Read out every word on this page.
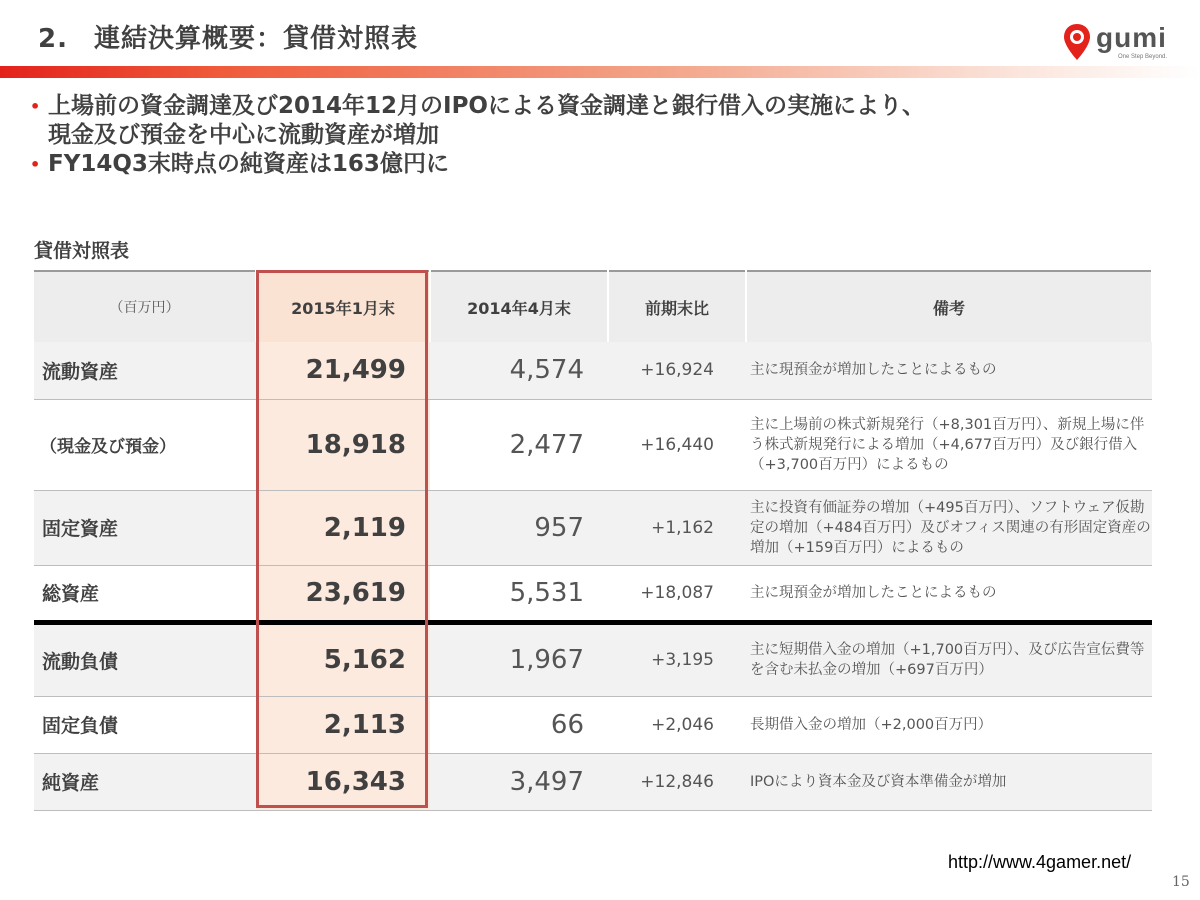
2. 連結決算概要：貸借対照表	gumi
One Step Beyond.
• 上場前の資金調達及び2014年12月のIPOによる資金調達と銀行借入の実施により、
現金及び預金を中心に流動資産が増加
• FY14Q3末時点の純資産は163億円に
貸借対照表
（百万円）	2015年1月末	2014年4月末	前期末比	備考
流動資産	21,499	4,574	+16,924	主に現預金が増加したことによるもの
（現金及び預金）	18,918	2,477	+16,440	主に上場前の株式新規発行（+8,301百万円）、新規上場に伴う株式新規発行による増加（+4,677百万円）及び銀行借入（+3,700百万円）によるもの
固定資産	2,119	957	+1,162	主に投資有価証券の増加（+495百万円）、ソフトウェア仮勘定の増加（+484百万円）及びオフィス関連の有形固定資産の増加（+159百万円）によるもの
総資産	23,619	5,531	+18,087	主に現預金が増加したことによるもの
流動負債	5,162	1,967	+3,195	主に短期借入金の増加（+1,700百万円）、及び広告宣伝費等を含む未払金の増加（+697百万円）
固定負債	2,113	66	+2,046	長期借入金の増加（+2,000百万円）
純資産	16,343	3,497	+12,846	IPOにより資本金及び資本準備金が増加
http://www.4gamer.net/
15
